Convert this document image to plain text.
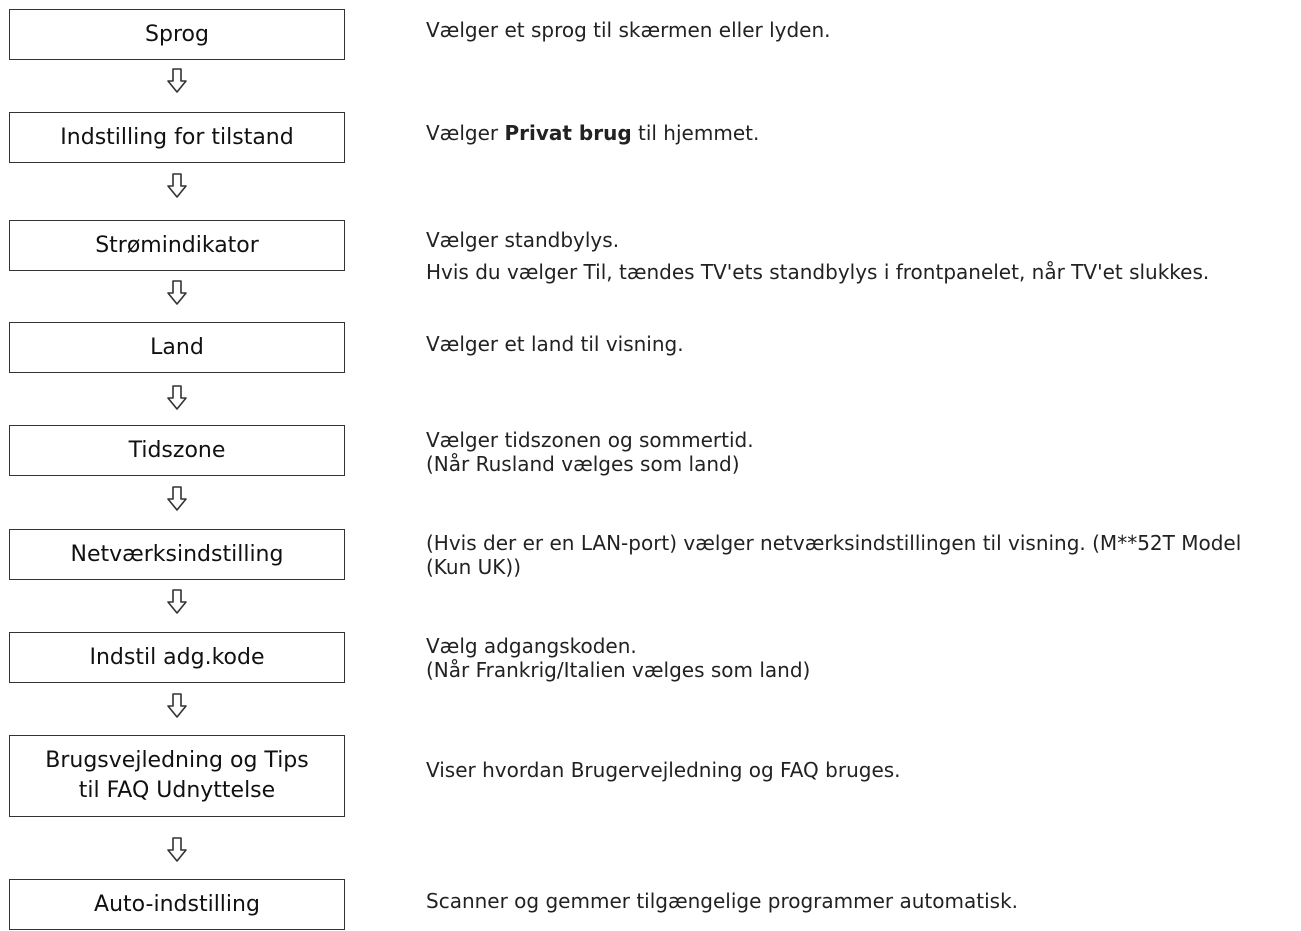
Sprog
Indstilling for tilstand
Strømindikator
Land
Tidszone
Netværksindstilling
Indstil adg.kode
Brugsvejledning og Tips
til FAQ Udnyttelse
Auto-indstilling
Vælger et sprog til skærmen eller lyden.
Vælger Privat brug til hjemmet.
Vælger standbylys.
Hvis du vælger Til, tændes TV'ets standbylys i frontpanelet, når TV'et slukkes.
Vælger et land til visning.
Vælger tidszonen og sommertid.
(Når Rusland vælges som land)
(Hvis der er en LAN-port) vælger netværksindstillingen til visning. (M**52T Model
(Kun UK))
Vælg adgangskoden.
(Når Frankrig/Italien vælges som land)
Viser hvordan Brugervejledning og FAQ bruges.
Scanner og gemmer tilgængelige programmer automatisk.
